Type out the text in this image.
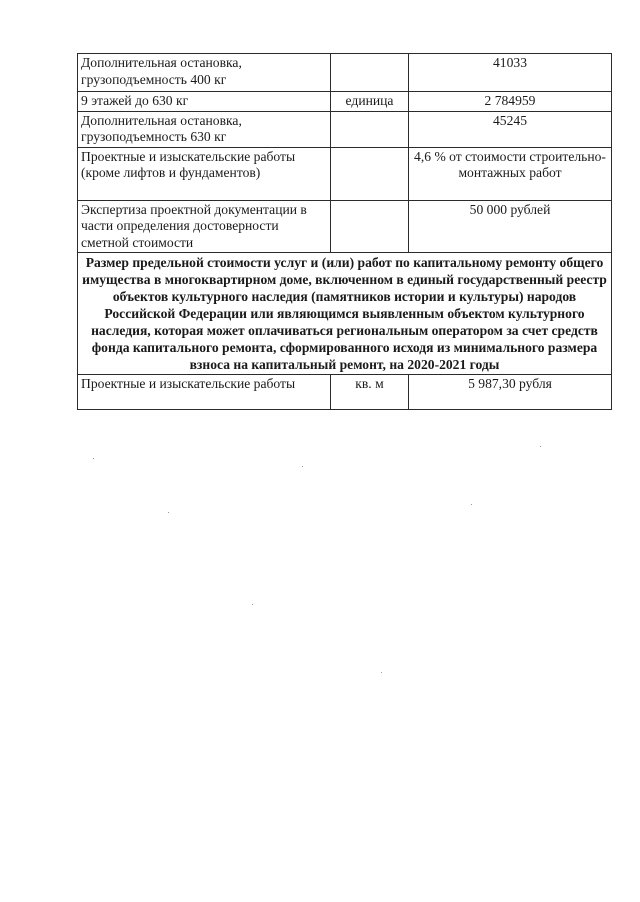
Дополнительная остановка, грузоподъемность 400 кг		41033
9 этажей до 630 кг	единица	2 784959
Дополнительная остановка, грузоподъемность 630 кг		45245
Проектные и изыскательские работы (кроме лифтов и фундаментов)		4,6 % от стоимости строительно-монтажных работ
Экспертиза проектной документации в части определения достоверности сметной стоимости		50 000 рублей
Размер предельной стоимости услуг и (или) работ по капитальному ремонту общего имущества в многоквартирном доме, включенном в единый государственный реестр объектов культурного наследия (памятников истории и культуры) народов Российской Федерации или являющимся выявленным объектом культурного наследия, которая может оплачиваться региональным оператором за счет средств фонда капитального ремонта, сформированного исходя из минимального размера взноса на капитальный ремонт, на 2020-2021 годы		
Проектные и изыскательские работы	кв. м	5 987,30 рубля
